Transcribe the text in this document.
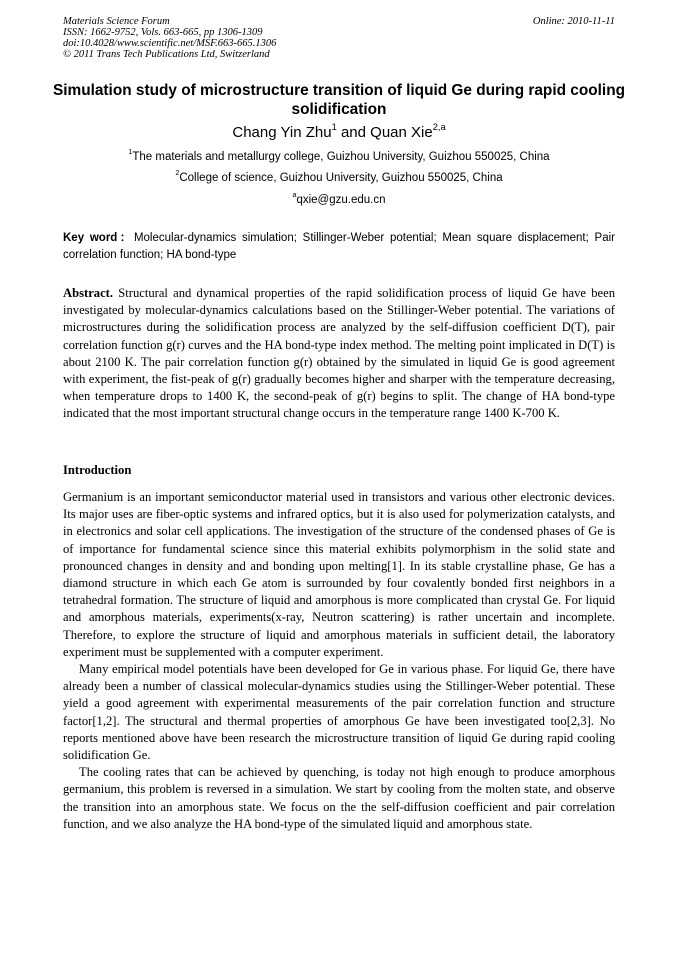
Materials Science Forum
ISSN: 1662-9752, Vols. 663-665, pp 1306-1309
doi:10.4028/www.scientific.net/MSF.663-665.1306
© 2011 Trans Tech Publications Ltd, Switzerland
Online: 2010-11-11
Simulation study of microstructure transition of liquid Ge during rapid cooling solidification
Chang Yin Zhu$^1$ and Quan Xie$^{2,a}$
$^1$The materials and metallurgy college, Guizhou University, Guizhou 550025, China
$^2$College of science, Guizhou University, Guizhou 550025, China
$^a$qxie@gzu.edu.cn
Key word：Molecular-dynamics simulation; Stillinger-Weber potential; Mean square displacement; Pair correlation function; HA bond-type

Abstract. Structural and dynamical properties of the rapid solidification process of liquid Ge have been investigated by molecular-dynamics calculations based on the Stillinger-Weber potential. The variations of microstructures during the solidification process are analyzed by the self-diffusion coefficient D(T), pair correlation function g(r) curves and the HA bond-type index method. The melting point implicated in D(T) is about 2100 K. The pair correlation function g(r) obtained by the simulated in liquid Ge is good agreement with experiment, the fist-peak of g(r) gradually becomes higher and sharper with the temperature decreasing, when temperature drops to 1400 K, the second-peak of g(r) begins to split. The change of HA bond-type indicated that the most important structural change occurs in the temperature range 1400 K-700 K.

Introduction

Germanium is an important semiconductor material used in transistors and various other electronic devices. Its major uses are fiber-optic systems and infrared optics, but it is also used for polymerization catalysts, and in electronics and solar cell applications. The investigation of the structure of the condensed phases of Ge is of importance for fundamental science since this material exhibits polymorphism in the solid state and pronounced changes in density and and bonding upon melting[1]. In its stable crystalline phase, Ge has a diamond structure in which each Ge atom is surrounded by four covalently bonded first neighbors in a tetrahedral formation. The structure of liquid and amorphous is more complicated than crystal Ge. For liquid and amorphous materials, experiments(x-ray, Neutron scattering) is rather uncertain and incomplete. Therefore, to explore the structure of liquid and amorphous materials in sufficient detail, the laboratory experiment must be supplemented with a computer experiment.

Many empirical model potentials have been developed for Ge in various phase. For liquid Ge, there have already been a number of classical molecular-dynamics studies using the Stillinger-Weber potential. These yield a good agreement with experimental measurements of the pair correlation function and structure factor[1,2]. The structural and thermal properties of amorphous Ge have been investigated too[2,3]. No reports mentioned above have been research the microstructure transition of liquid Ge during rapid cooling solidification Ge.

The cooling rates that can be achieved by quenching, is today not high enough to produce amorphous germanium, this problem is reversed in a simulation. We start by cooling from the molten state, and observe the transition into an amorphous state. We focus on the the self-diffusion coefficient and pair correlation function, and we also analyze the HA bond-type of the simulated liquid and amorphous state.
